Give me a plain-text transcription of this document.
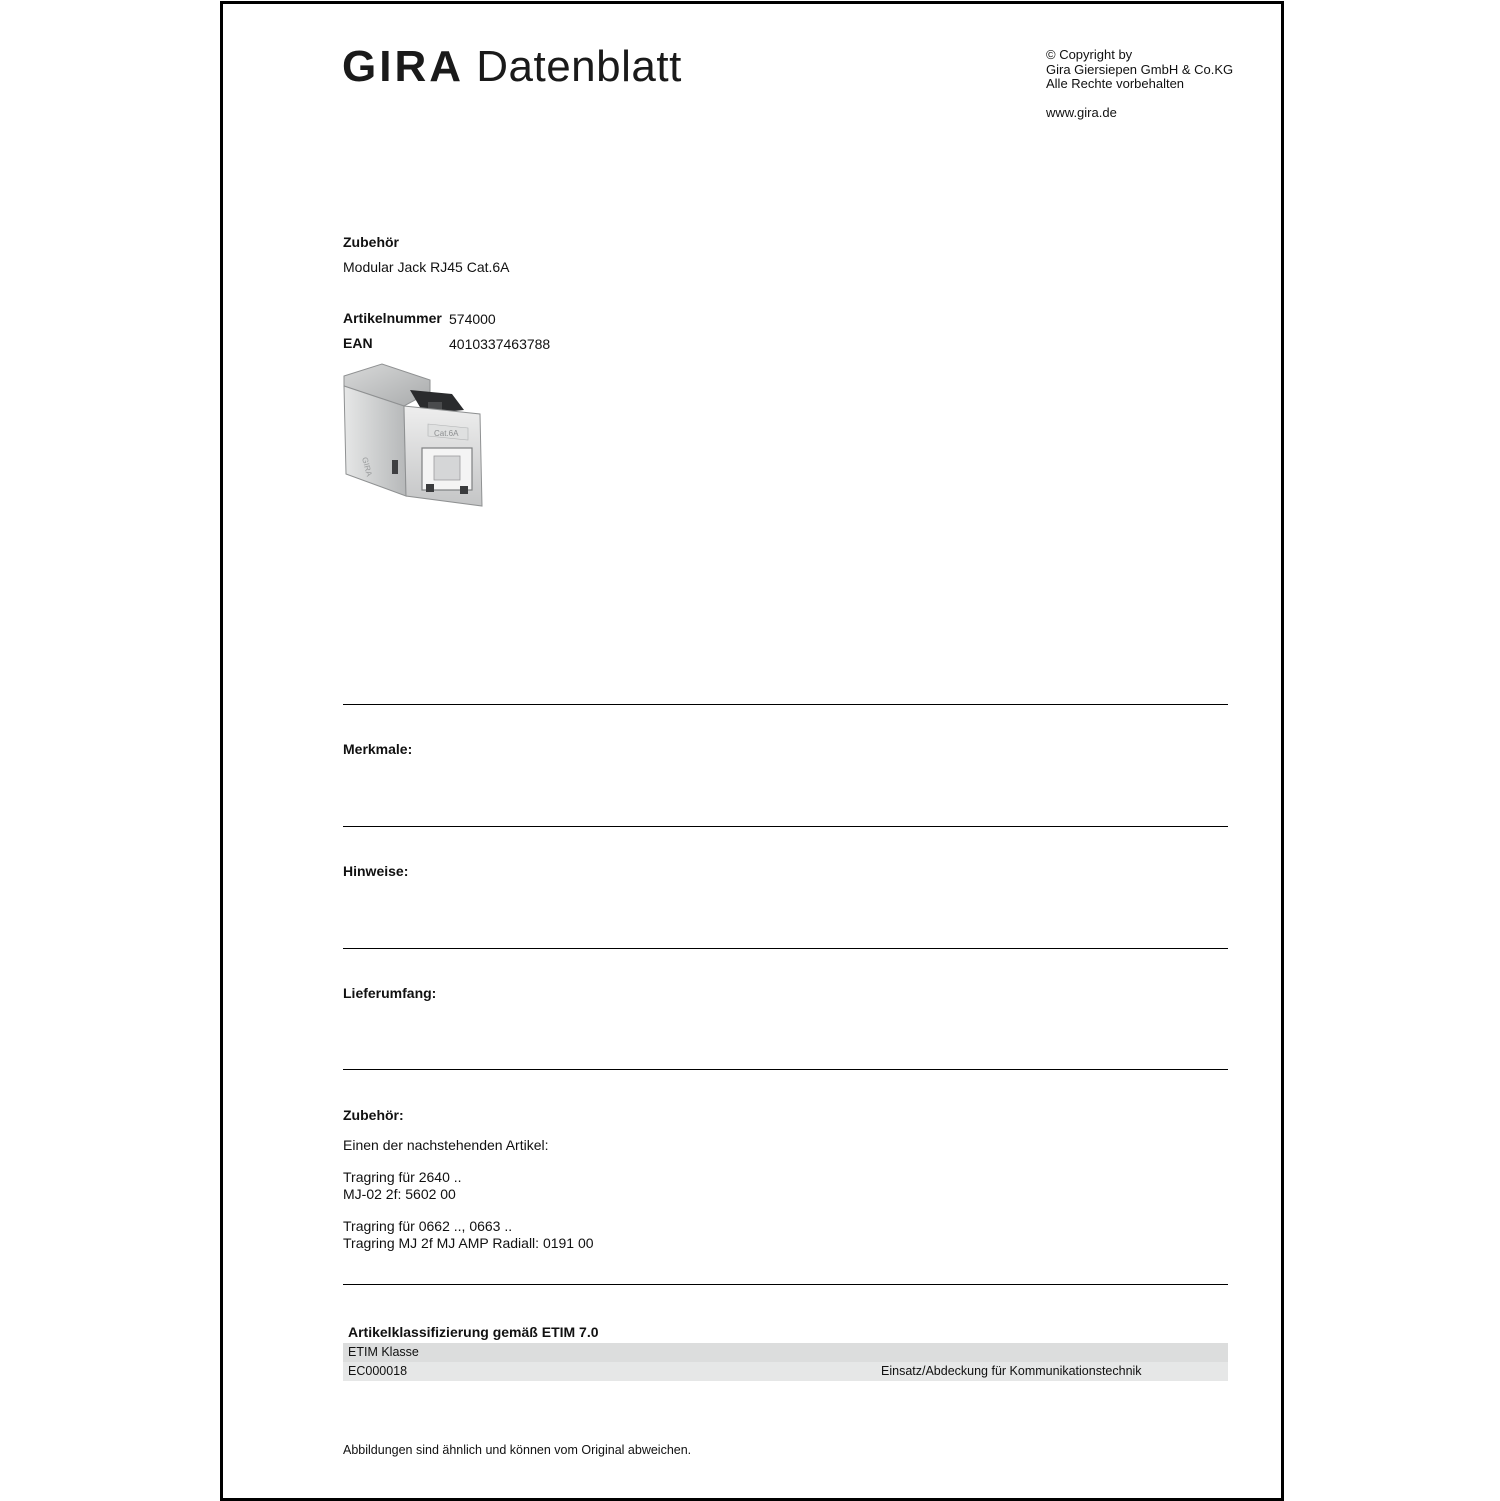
GIRA Datenblatt	© Copyright by
Gira Giersiepen GmbH & Co.KG
Alle Rechte vorbehalten
www.gira.de
Zubehör
Modular Jack RJ45 Cat.6A
Artikelnummer 574000
EAN	4010337463788
Cat.6A
GIRA
Merkmale:
Hinweise:
Lieferumfang:
Zubehör:
Einen der nachstehenden Artikel:
Tragring für 2640 ..
MJ-02 2f: 5602 00
Tragring für 0662 .., 0663 ..
Tragring MJ 2f MJ AMP Radiall: 0191 00
Artikelklassifizierung gemäß ETIM 7.0
ETIM Klasse
EC000018	Einsatz/Abdeckung für Kommunikationstechnik
Abbildungen sind ähnlich und können vom Original abweichen.
